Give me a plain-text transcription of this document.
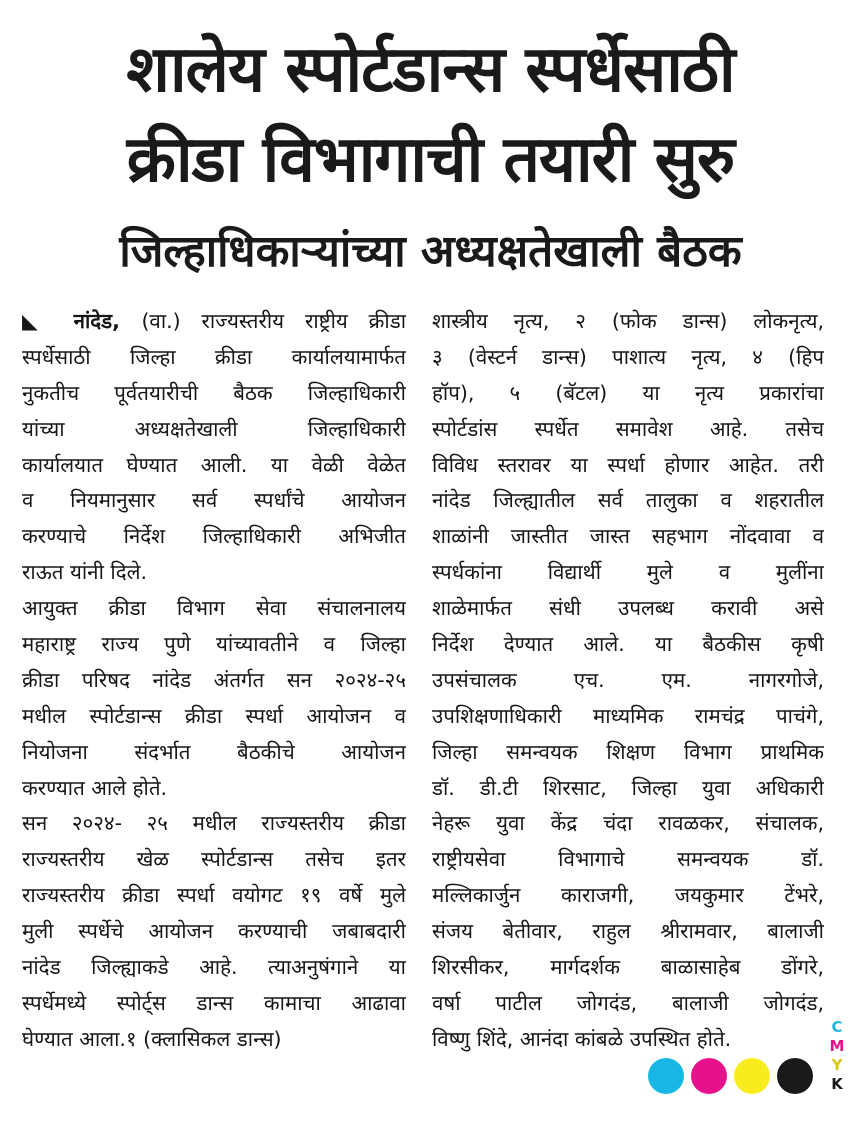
शालेय स्पोर्टडान्स स्पर्धेसाठी
क्रीडा विभागाची तयारी सुरु
जिल्हाधिकाऱ्यांच्या अध्यक्षतेखाली बैठक
◣ नांदेड, (वा.) राज्यस्तरीय राष्ट्रीय क्रीडा
स्पर्धेसाठी जिल्हा क्रीडा कार्यालयामार्फत
नुकतीच पूर्वतयारीची बैठक जिल्हाधिकारी
यांच्या अध्यक्षतेखाली जिल्हाधिकारी
कार्यालयात घेण्यात आली. या वेळी वेळेत
व नियमानुसार सर्व स्पर्धांचे आयोजन
करण्याचे निर्देश जिल्हाधिकारी अभिजीत
राऊत यांनी दिले.
आयुक्त क्रीडा विभाग सेवा संचालनालय
महाराष्ट्र राज्य पुणे यांच्यावतीने व जिल्हा
क्रीडा परिषद नांदेड अंतर्गत सन २०२४-२५
मधील स्पोर्टडान्स क्रीडा स्पर्धा आयोजन व
नियोजना संदर्भात बैठकीचे आयोजन
करण्यात आले होते.
सन २०२४- २५ मधील राज्यस्तरीय क्रीडा
राज्यस्तरीय खेळ स्पोर्टडान्स तसेच इतर
राज्यस्तरीय क्रीडा स्पर्धा वयोगट १९ वर्षे मुले
मुली स्पर्धेचे आयोजन करण्याची जबाबदारी
नांदेड जिल्ह्याकडे आहे. त्याअनुषंगाने या
स्पर्धेमध्ये स्पोर्ट्स डान्स कामाचा आढावा
घेण्यात आला.१ (क्लासिकल डान्स)
शास्त्रीय नृत्य, २ (फोक डान्स) लोकनृत्य,
३ (वेस्टर्न डान्स) पाशात्य नृत्य, ४ (हिप
हॉप), ५ (बॅटल) या नृत्य प्रकारांचा
स्पोर्टडांस स्पर्धेत समावेश आहे. तसेच
विविध स्तरावर या स्पर्धा होणार आहेत. तरी
नांदेड जिल्ह्यातील सर्व तालुका व शहरातील
शाळांनी जास्तीत जास्त सहभाग नोंदवावा व
स्पर्धकांना विद्यार्थी मुले व मुलींना
शाळेमार्फत संधी उपलब्ध करावी असे
निर्देश देण्यात आले. या बैठकीस कृषी
उपसंचालक एच. एम. नागरगोजे,
उपशिक्षणाधिकारी माध्यमिक रामचंद्र पाचंगे,
जिल्हा समन्वयक शिक्षण विभाग प्राथमिक
डॉ. डी.टी शिरसाट, जिल्हा युवा अधिकारी
नेहरू युवा केंद्र चंदा रावळकर, संचालक,
राष्ट्रीयसेवा विभागाचे समन्वयक डॉ.
मल्लिकार्जुन काराजगी, जयकुमार टेंभरे,
संजय बेतीवार, राहुल श्रीरामवार, बालाजी
शिरसीकर, मार्गदर्शक बाळासाहेब डोंगरे,
वर्षा पाटील जोगदंड, बालाजी जोगदंड,
विष्णु शिंदे, आनंदा कांबळे उपस्थित होते.	C
M
Y
K
